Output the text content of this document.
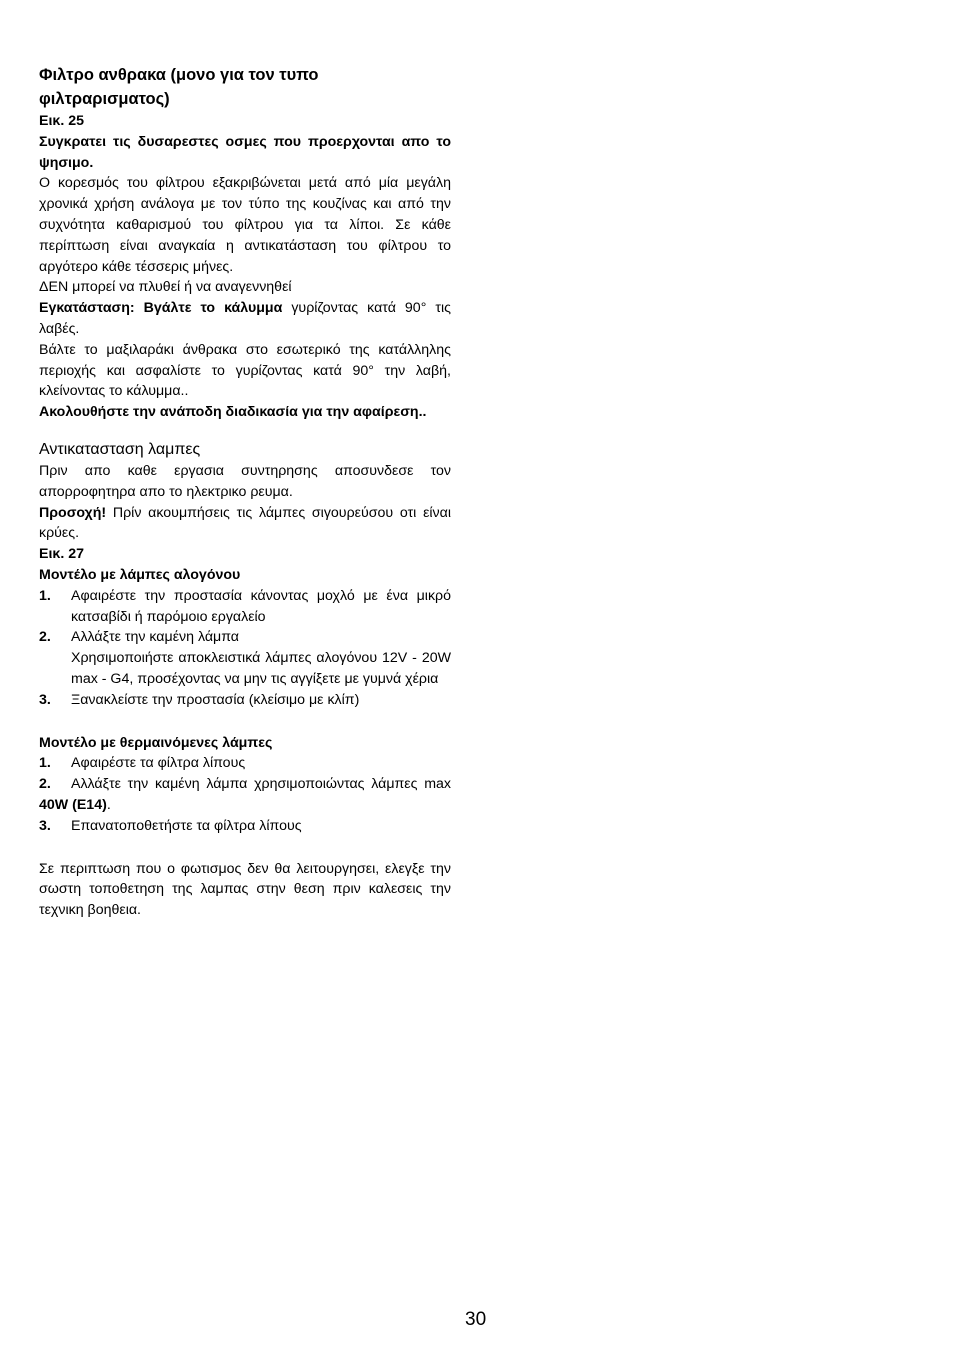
Φιλτρο ανθρακα (μονο για τον τυπο φιλτραρισματος)

Εικ. 25

Συγκρατει τις δυσαρεστες οσμες που προερχονται απο το ψησιμο.

Ο κορεσμός του φίλτρου εξακριβώνεται μετά από μία μεγάλη χρονικά χρήση ανάλογα με τον τύπο της κουζίνας και από την συχνότητα καθαρισμού του φίλτρου για τα λίποι. Σε κάθε περίπτωση είναι αναγκαία η αντικατάσταση του φίλτρου το αργότερο κάθε τέσσερις μήνες.

ΔΕΝ μπορεί να πλυθεί ή να αναγεννηθεί

Εγκατάσταση: Βγάλτε το κάλυμμα γυρίζοντας κατά 90° τις λαβές.

Βάλτε το μαξιλαράκι άνθρακα στο εσωτερικό της κατάλληλης περιοχής και ασφαλίστε το γυρίζοντας κατά 90° την λαβή, κλείνοντας το κάλυμμα..

Ακολουθήστε την ανάποδη διαδικασία για την αφαίρεση..

Αντικατασταση λαμπες

Πριν απο καθε εργασια συντηρησης αποσυνδεσε τον απορροφητηρα απο το ηλεκτρικο ρευμα.

Προσοχή! Πρίν ακουμπήσεις τις λάμπες σιγουρεύσου οτι είναι κρύες.

Εικ. 27

Μοντέλο με λάμπες αλογόνου

1. Αφαιρέστε την προστασία κάνοντας μοχλό με ένα μικρό κατσαβίδι ή παρόμοιο εργαλείο
2. Αλλάξτε την καμένη λάμπα
Χρησιμοποιήστε αποκλειστικά λάμπες αλογόνου 12V - 20W max - G4, προσέχοντας να μην τις αγγίξετε με γυμνά χέρια
3. Ξανακλείστε την προστασία (κλείσιμο με κλίπ)

Μοντέλο με θερμαινόμενες λάμπες

1. Αφαιρέστε τα φίλτρα λίπους
2. Αλλάξτε την καμένη λάμπα χρησιμοποιώντας λάμπες max 40W (E14).
3. Επανατοποθετήστε τα φίλτρα λίπους

Σε περιπτωση που ο φωτισμος δεν θα λειτουργησει, ελεγξε την σωστη τοποθετηση της λαμπας στην θεση πριν καλεσεις την τεχνικη βοηθεια.

30
